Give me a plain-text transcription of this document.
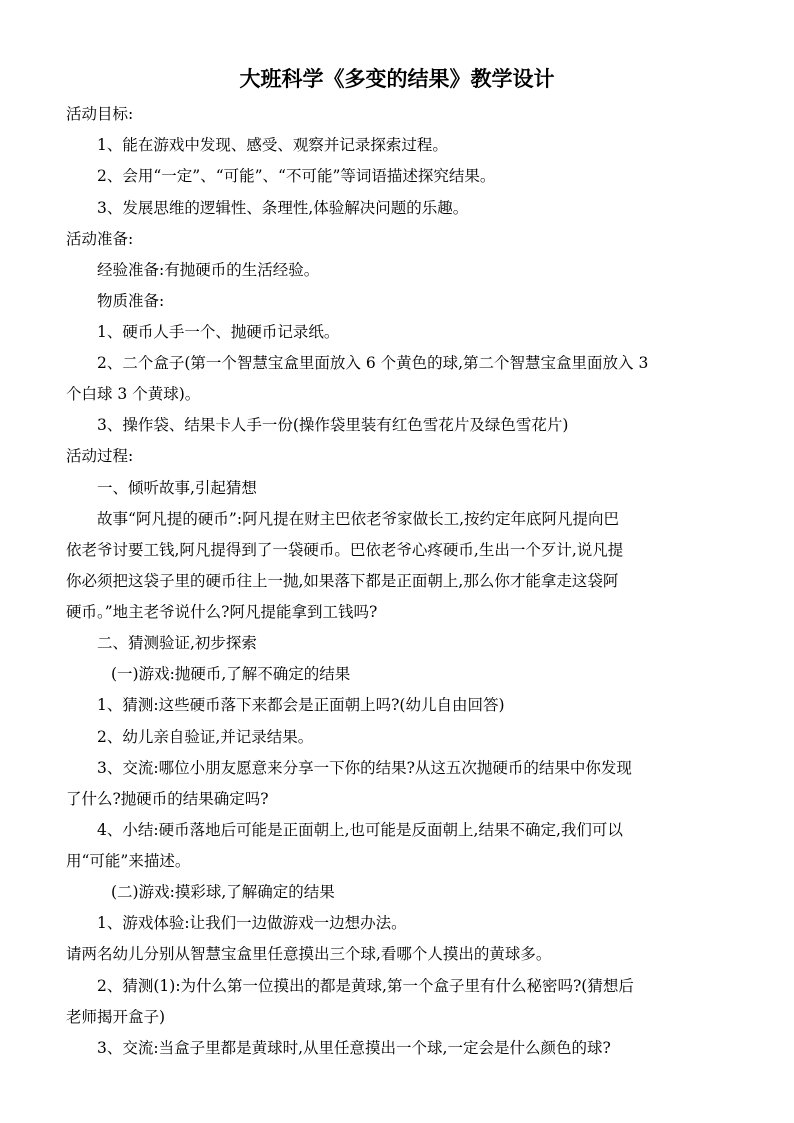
大班科学《多变的结果》教学设计
活动目标:
1、能在游戏中发现、感受、观察并记录探索过程。
2、会用“一定”、“可能”、“不可能”等词语描述探究结果。
3、发展思维的逻辑性、条理性,体验解决问题的乐趣。
活动准备:
经验准备:有抛硬币的生活经验。
物质准备:
1、硬币人手一个、抛硬币记录纸。
2、二个盒子(第一个智慧宝盒里面放入 6 个黄色的球,第二个智慧宝盒里面放入 3
个白球 3 个黄球)。
3、操作袋、结果卡人手一份(操作袋里装有红色雪花片及绿色雪花片)
活动过程:
一、倾听故事,引起猜想
故事“阿凡提的硬币”:阿凡提在财主巴依老爷家做长工,按约定年底阿凡提向巴
依老爷讨要工钱,阿凡提得到了一袋硬币。巴依老爷心疼硬币,生出一个歹计,说凡提
你必须把这袋子里的硬币往上一抛,如果落下都是正面朝上,那么你才能拿走这袋阿
硬币。”地主老爷说什么?阿凡提能拿到工钱吗?
二、猜测验证,初步探索
(一)游戏:抛硬币,了解不确定的结果
1、猜测:这些硬币落下来都会是正面朝上吗?(幼儿自由回答)
2、幼儿亲自验证,并记录结果。
3、交流:哪位小朋友愿意来分享一下你的结果?从这五次抛硬币的结果中你发现
了什么?抛硬币的结果确定吗?
4、小结:硬币落地后可能是正面朝上,也可能是反面朝上,结果不确定,我们可以
用“可能”来描述。
(二)游戏:摸彩球,了解确定的结果
1、游戏体验:让我们一边做游戏一边想办法。
请两名幼儿分别从智慧宝盒里任意摸出三个球,看哪个人摸出的黄球多。
2、猜测(1):为什么第一位摸出的都是黄球,第一个盒子里有什么秘密吗?(猜想后
老师揭开盒子)
3、交流:当盒子里都是黄球时,从里任意摸出一个球,一定会是什么颜色的球?
